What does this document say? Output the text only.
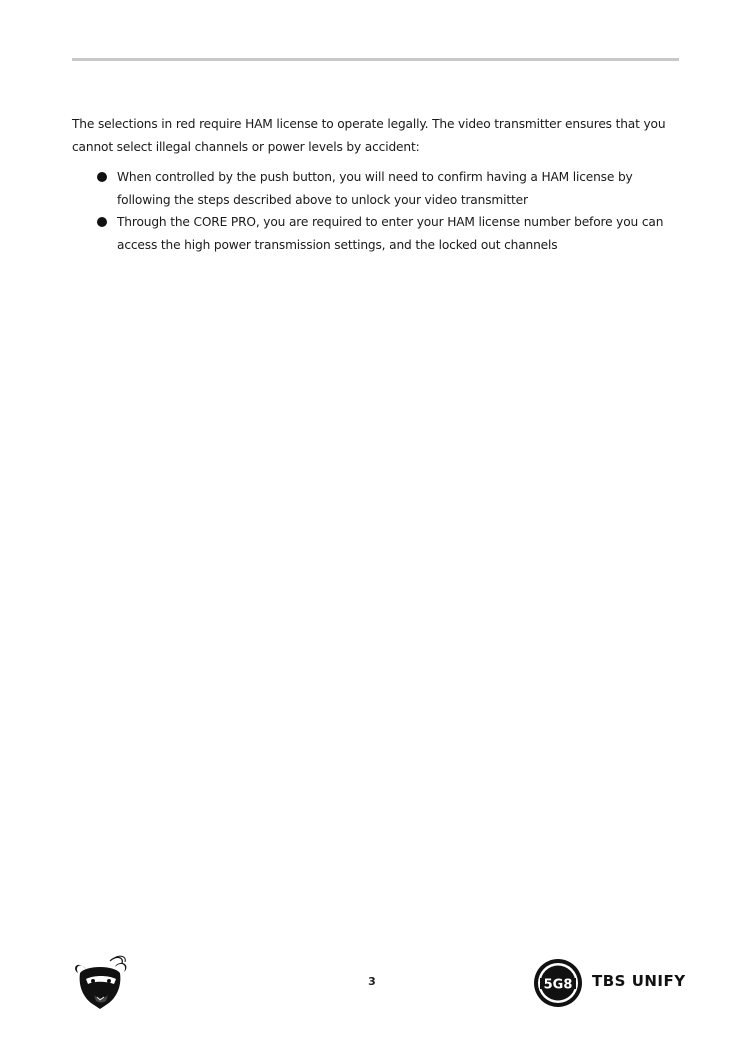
The selections in red require HAM license to operate legally. The video transmitter ensures that you cannot select illegal channels or power levels by accident:

When controlled by the push button, you will need to confirm having a HAM license by following the steps described above to unlock your video transmitter
Through the CORE PRO, you are required to enter your HAM license number before you can access the high power transmission settings, and the locked out channels
3	5G8 TBS UNIFY
